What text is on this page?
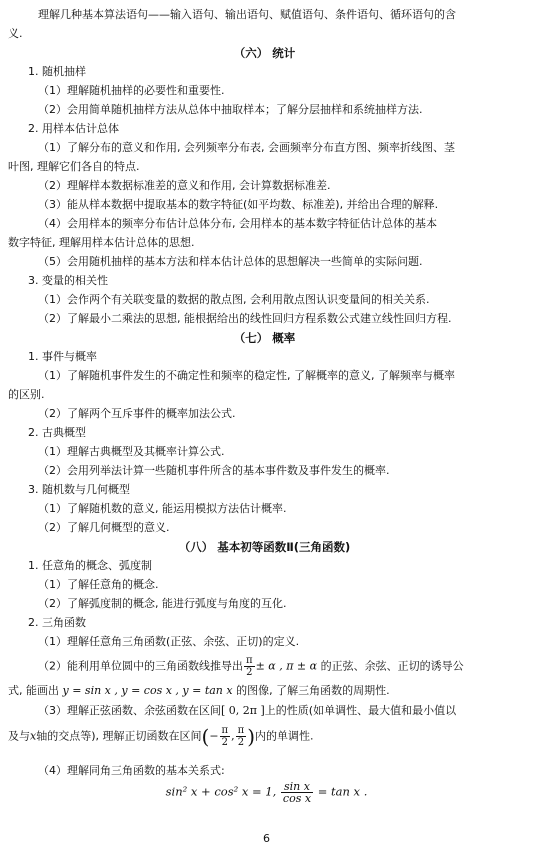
理解几种基本算法语句——输入语句、输出语句、赋值语句、条件语句、循环语句的含
义.
（六） 统计
1. 随机抽样
（1）理解随机抽样的必要性和重要性.
（2）会用简单随机抽样方法从总体中抽取样本；了解分层抽样和系统抽样方法.
2. 用样本估计总体
（1）了解分布的意义和作用, 会列频率分布表, 会画频率分布直方图、频率折线图、茎
叶图, 理解它们各自的特点.
（2）理解样本数据标准差的意义和作用, 会计算数据标准差.
（3）能从样本数据中提取基本的数字特征(如平均数、标准差), 并给出合理的解释.
（4）会用样本的频率分布估计总体分布, 会用样本的基本数字特征估计总体的基本
数字特征, 理解用样本估计总体的思想.
（5）会用随机抽样的基本方法和样本估计总体的思想解决一些简单的实际问题.
3. 变量的相关性
（1）会作两个有关联变量的数据的散点图, 会利用散点图认识变量间的相关关系.
（2）了解最小二乘法的思想, 能根据给出的线性回归方程系数公式建立线性回归方程.
（七） 概率
1. 事件与概率
（1）了解随机事件发生的不确定性和频率的稳定性, 了解概率的意义, 了解频率与概率
的区别.
（2）了解两个互斥事件的概率加法公式.
2. 古典概型
（1）理解古典概型及其概率计算公式.
（2）会用列举法计算一些随机事件所含的基本事件数及事件发生的概率.
3. 随机数与几何概型
（1）了解随机数的意义, 能运用模拟方法估计概率.
（2）了解几何概型的意义.
（八） 基本初等函数Ⅱ(三角函数)
1. 任意角的概念、弧度制
（1）了解任意角的概念.
（2）了解弧度制的概念, 能进行弧度与角度的互化.
2. 三角函数
（1）理解任意角三角函数(正弦、余弦、正切)的定义.
（2）能利用单位圆中的三角函数线推导出 $\frac{\pi}{2} \pm \alpha$ , π ± α 的正弦、余弦、正切的诱导公
式, 能画出 y = sin x , y = cos x , y = tan x 的图像, 了解三角函数的周期性.
（3）理解正弦函数、余弦函数在区间[ 0, 2π ]上的性质(如单调性、最大值和最小值以
及与x轴的交点等), 理解正切函数在区间(− $\frac{\pi}{2}$ , $\frac{\pi}{2}$ )内的单调性.
（4）理解同角三角函数的基本关系式:
sin² x + cos² x = 1, $\frac{\text{sin x}}{\text{cos x}} = \tan x$ .
6
